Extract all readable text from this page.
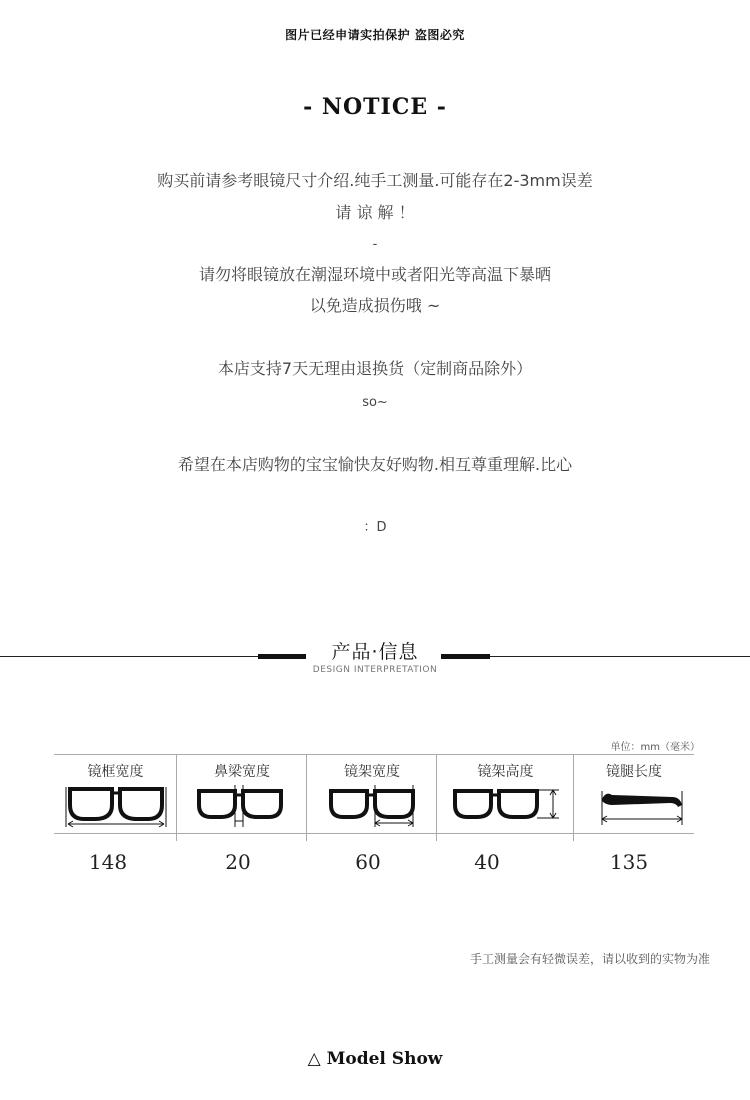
图片已经申请实拍保护 盗图必究
- NOTICE -
购买前请参考眼镜尺寸介绍.纯手工测量.可能存在2-3mm误差
请 谅 解 ！
-
请勿将眼镜放在潮湿环境中或者阳光等高温下暴晒
以免造成损伤哦 ~
本店支持7天无理由退换货（定制商品除外）
so~
希望在本店购物的宝宝愉快友好购物.相互尊重理解.比心
：D
产品·信息
DESIGN INTERPRETATION
单位：mm（毫米）
镜框宽度	鼻梁宽度	镜架宽度	镜架高度	镜腿长度
148	20	60	40	135
手工测量会有轻微误差，请以收到的实物为准
△ Model Show
